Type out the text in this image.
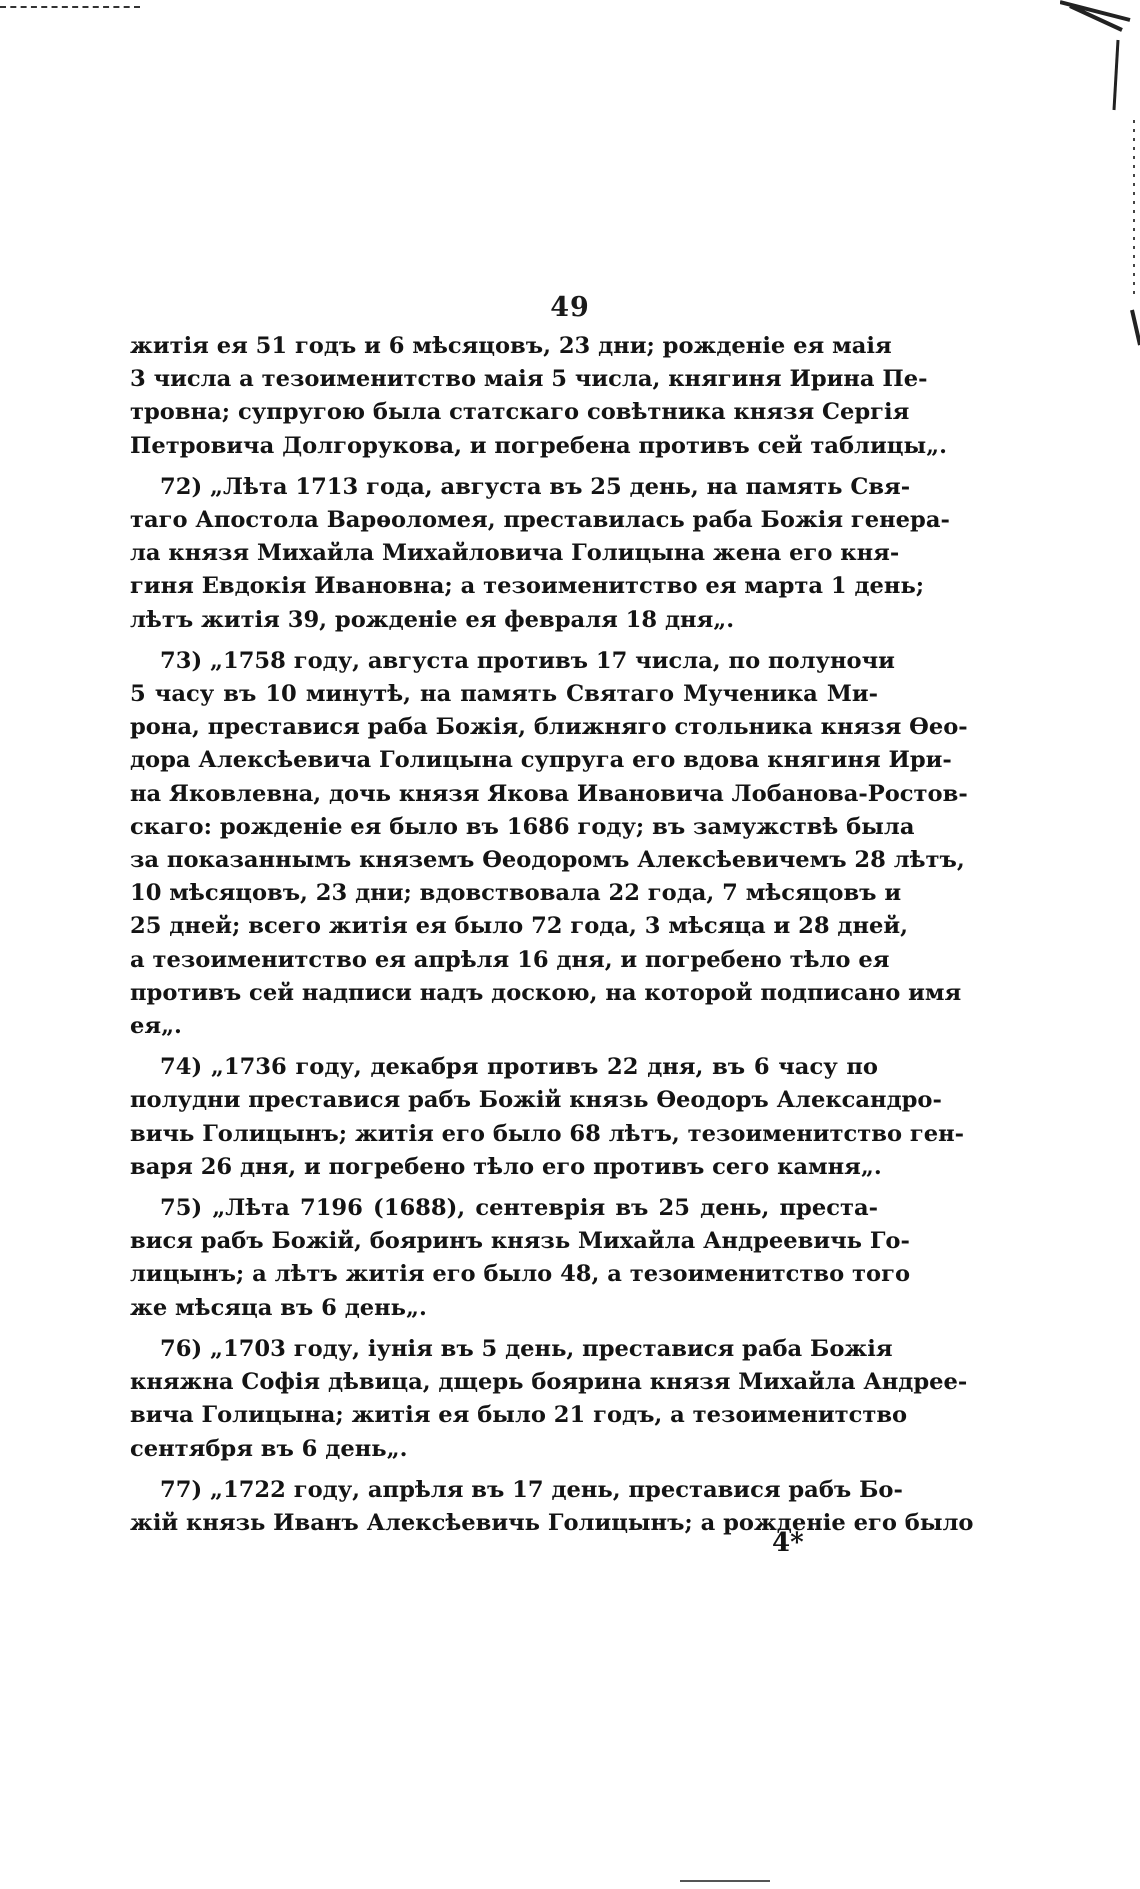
49

житія ея 51 годъ и 6 мѣсяцовъ, 23 дни; рожденіе ея маія
3 числа а тезоименитство маія 5 числа, княгиня Ирина Пе-
тровна; супругою была статскаго совѣтника князя Сергія
Петровича Долгорукова, и погребена противъ сей таблицы„.

72) „Лѣта 1713 года, августа въ 25 день, на память Свя-
таго Апостола Варѳоломея, преставилась раба Божія генера-
ла князя Михайла Михайловича Голицына жена его кня-
гиня Евдокія Ивановна; а тезоименитство ея марта 1 день;
лѣтъ житія 39, рожденіе ея февраля 18 дня„.

73) „1758 году, августа противъ 17 числа, по полуночи
5 часу въ 10 минутѣ, на память Святаго Мученика Ми-
рона, преставися раба Божія, ближняго стольника князя Ѳео-
дора Алексѣевича Голицына супруга его вдова княгиня Ири-
на Яковлевна, дочь князя Якова Ивановича Лобанова-Ростов-
скаго: рожденіе ея было въ 1686 году; въ замужствѣ была
за показаннымъ княземъ Ѳеодоромъ Алексѣевичемъ 28 лѣтъ,
10 мѣсяцовъ, 23 дни; вдовствовала 22 года, 7 мѣсяцовъ и
25 дней; всего житія ея было 72 года, 3 мѣсяца и 28 дней,
а тезоименитство ея апрѣля 16 дня, и погребено тѣло ея
противъ сей надписи надъ доскою, на которой подписано имя
ея„.

74) „1736 году, декабря противъ 22 дня, въ 6 часу по
полудни преставися рабъ Божій князь Ѳеодоръ Александро-
вичь Голицынъ; житія его было 68 лѣтъ, тезоименитство ген-
варя 26 дня, и погребено тѣло его противъ сего камня„.

75) „Лѣта 7196 (1688), сентеврія въ 25 день, преста-
вися рабъ Божій, бояринъ князь Михайла Андреевичь Го-
лицынъ; а лѣтъ житія его было 48, а тезоименитство того
же мѣсяца въ 6 день„.

76) „1703 году, іунія въ 5 день, преставися раба Божія
княжна Софія дѣвица, дщерь боярина князя Михайла Андрее-
вича Голицына; житія ея было 21 годъ, а тезоименитство
сентября въ 6 день„.

77) „1722 году, апрѣля въ 17 день, преставися рабъ Бо-
жій князь Иванъ Алексѣевичь Голицынъ; а рожденіе его было

4*
